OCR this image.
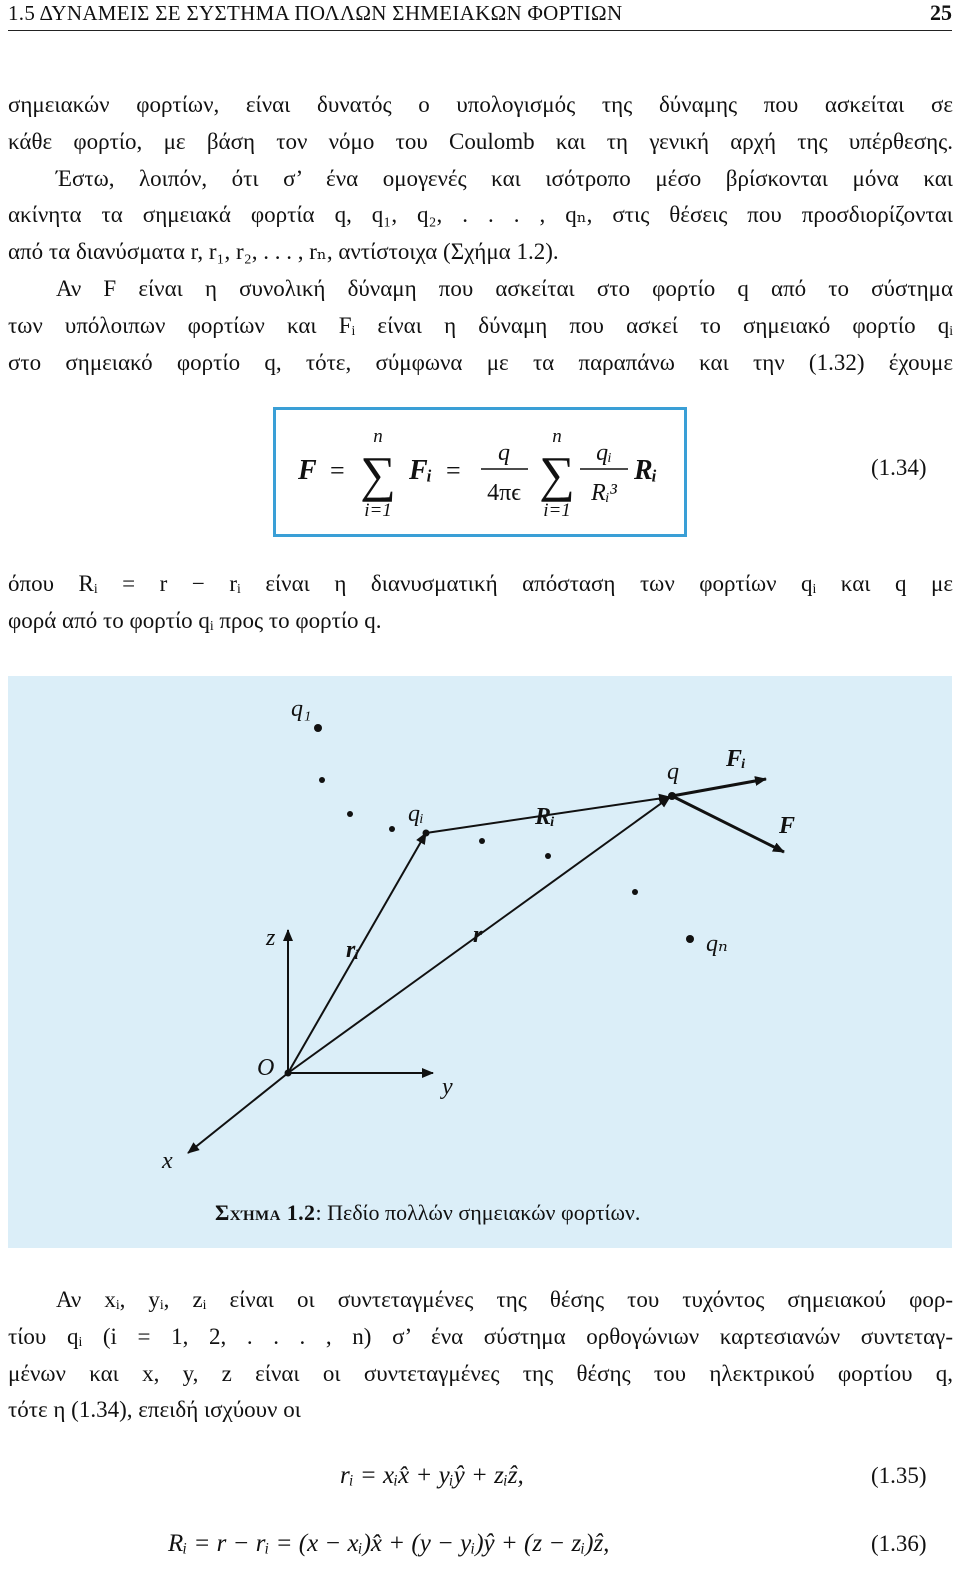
1.5 ΔΥΝΑΜΕΙΣ ΣΕ ΣΥΣΤΗΜΑ ΠΟΛΛΩΝ ΣΗΜΕΙΑΚΩΝ ΦΟΡΤΙΩΝ	25
σημειακών φορτίων, είναι δυνατός ο υπολογισμός της δύναμης που ασκείται σε
κάθε φορτίο, με βάση τον νόμο του Coulomb και τη γενική αρχή της υπέρθεσης.
Έστω, λοιπόν, ότι σ’ ένα ομογενές και ισότροπο μέσο βρίσκονται μόνα και
ακίνητα τα σημειακά φορτία q, q₁, q₂, . . . , qₙ, στις θέσεις που προσδιορίζονται
από τα διανύσματα r, r₁, r₂, . . . , rₙ, αντίστοιχα (Σχήμα 1.2).
Αν F είναι η συνολική δύναμη που ασκείται στο φορτίο q από το σύστημα
των υπόλοιπων φορτίων και Fᵢ είναι η δύναμη που ασκεί το σημειακό φορτίο qᵢ
στο σημειακό φορτίο q, τότε, σύμφωνα με τα παραπάνω και την (1.32) έχουμε
F =
n
∑
i=1
Fᵢ =
q
4πϵ
n
∑
i=1
qᵢ
Rᵢ³
Rᵢ	(1.34)
όπου Rᵢ = r − rᵢ είναι η διανυσματική απόσταση των φορτίων qᵢ και q με
φορά από το φορτίο qᵢ προς το φορτίο q.
q₁
qᵢ	Rᵢ
q Fᵢ
F
z	rᵢ
r	qₙ
O
y
x
Σχήμα 1.2: Πεδίο πολλών σημειακών φορτίων.
Αν xᵢ, yᵢ, zᵢ είναι οι συντεταγμένες της θέσης του τυχόντος σημειακού φορ-
τίου qᵢ (i = 1, 2, . . . , n) σ’ ένα σύστημα ορθογώνιων καρτεσιανών συντεταγ-
μένων και x, y, z είναι οι συντεταγμένες της θέσης του ηλεκτρικού φορτίου q,
τότε η (1.34), επειδή ισχύουν οι
rᵢ = xᵢx̂ + yᵢŷ + zᵢẑ,	(1.35)
Rᵢ = r − rᵢ = (x − xᵢ)x̂ + (y − yᵢ)ŷ + (z − zᵢ)ẑ,	(1.36)
